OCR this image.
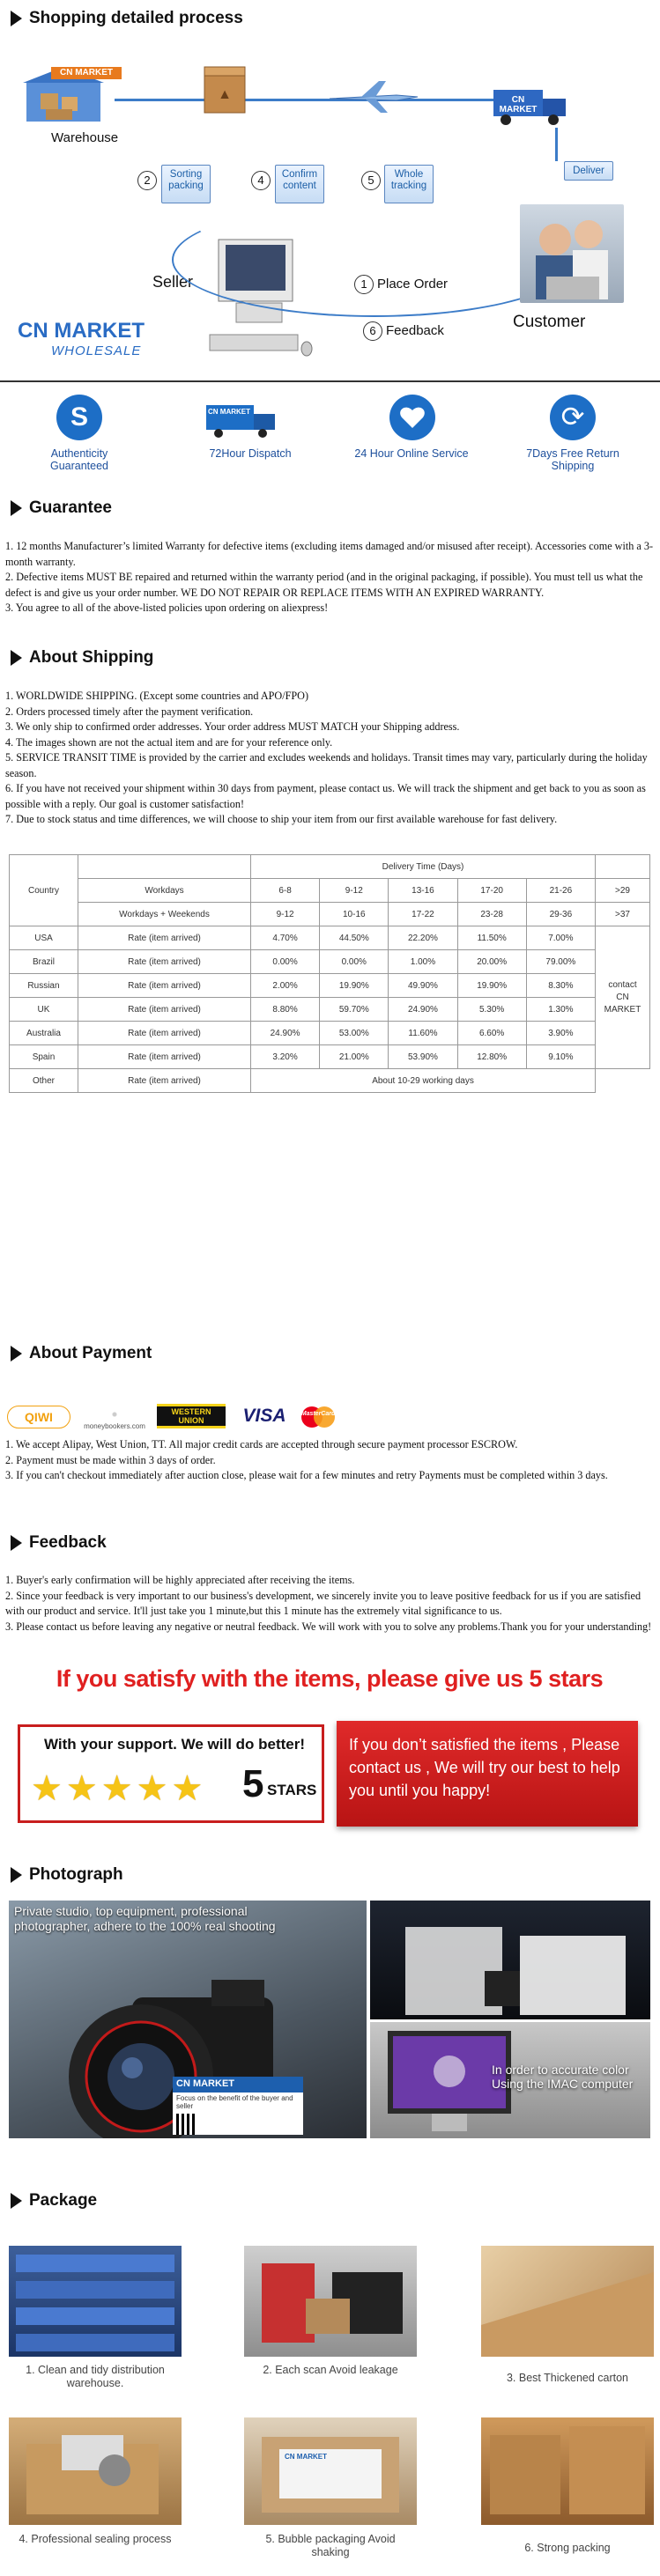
Shopping detailed process
CN MARKET
Warehouse
▲	CN MARKET
Deliver
2	Sorting packing	4	Confirm content	5	Whole tracking
Seller	1 Place Order
6 Feedback	Customer
CN MARKET
WHOLESALE
S
Authenticity Guaranteed
CN MARKET
72Hour Dispatch	24 Hour Online Service
⟳
7Days Free Return Shipping
Guarantee
1. 12 months Manufacturer’s limited Warranty for defective items (excluding items damaged and/or misused after receipt). Accessories come with a 3-month warranty.
2. Defective items MUST BE repaired and returned within the warranty period (and in the original packaging, if possible). You must tell us what the defect is and give us your order number. WE DO NOT REPAIR OR REPLACE ITEMS WITH AN EXPIRED WARRANTY.
3. You agree to all of the above-listed policies upon ordering on aliexpress!
About Shipping
1. WORLDWIDE SHIPPING. (Except some countries and APO/FPO)
2. Orders processed timely after the payment verification.
3. We only ship to confirmed order addresses. Your order address MUST MATCH your Shipping address.
4. The images shown are not the actual item and are for your reference only.
5. SERVICE TRANSIT TIME is provided by the carrier and excludes weekends and holidays. Transit times may vary, particularly during the holiday season.
6. If you have not received your shipment within 30 days from payment, please contact us. We will track the shipment and get back to you as soon as possible with a reply. Our goal is customer satisfaction!
7. Due to stock status and time differences, we will choose to ship your item from our first available warehouse for fast delivery.
Country		Delivery Time (Days)					
	Workdays	6-8	9-12	13-16	17-20	21-26	>29
	Workdays + Weekends	9-12	10-16	17-22	23-28	29-36	>37
USA	Rate (item arrived)	4.70%	44.50%	22.20%	11.50%	7.00%	contact CN MARKET
Brazil	Rate (item arrived)	0.00%	0.00%	1.00%	20.00%	79.00%	
Russian	Rate (item arrived)	2.00%	19.90%	49.90%	19.90%	8.30%	
UK	Rate (item arrived)	8.80%	59.70%	24.90%	5.30%	1.30%	
Australia	Rate (item arrived)	24.90%	53.00%	11.60%	6.60%	3.90%	
Spain	Rate (item arrived)	3.20%	21.00%	53.90%	12.80%	9.10%	
Other	Rate (item arrived)	About 10-29 working days					
About Payment
QIWI
moneybookers.com
WESTERN
UNION	VISA	MasterCard
1. We accept Alipay, West Union, TT. All major credit cards are accepted through secure payment processor ESCROW.
2. Payment must be made within 3 days of order.
3. If you can't checkout immediately after auction close, please wait for a few minutes and retry Payments must be completed within 3 days.
Feedback
1. Buyer's early confirmation will be highly appreciated after receiving the items.
2. Since your feedback is very important to our business's development, we sincerely invite you to leave positive feedback for us if you are satisfied with our product and service. It'll just take you 1 minute,but this 1 minute has the extremely vital significance to us.
3. Please contact us before leaving any negative or neutral feedback. We will work with you to solve any problems.Thank you for your understanding!
If you satisfy with the items, please give us 5 stars
With your support. We will do better!
★ ★ ★ ★ ★	5 STARS
If you don’t satisfied the items , Please contact us , We will try our best to help you until you happy!
Photograph
Private studio, top equipment, professional photographer, adhere to the 100% real shooting
CN MARKET
Focus on the benefit of the buyer and seller
In order to accurate color Using the IMAC computer
Package
1. Clean and tidy distribution warehouse.
2. Each scan Avoid leakage
3. Best Thickened carton
4. Professional sealing process
CN MARKET
5. Bubble packaging Avoid shaking	6. Strong packing
